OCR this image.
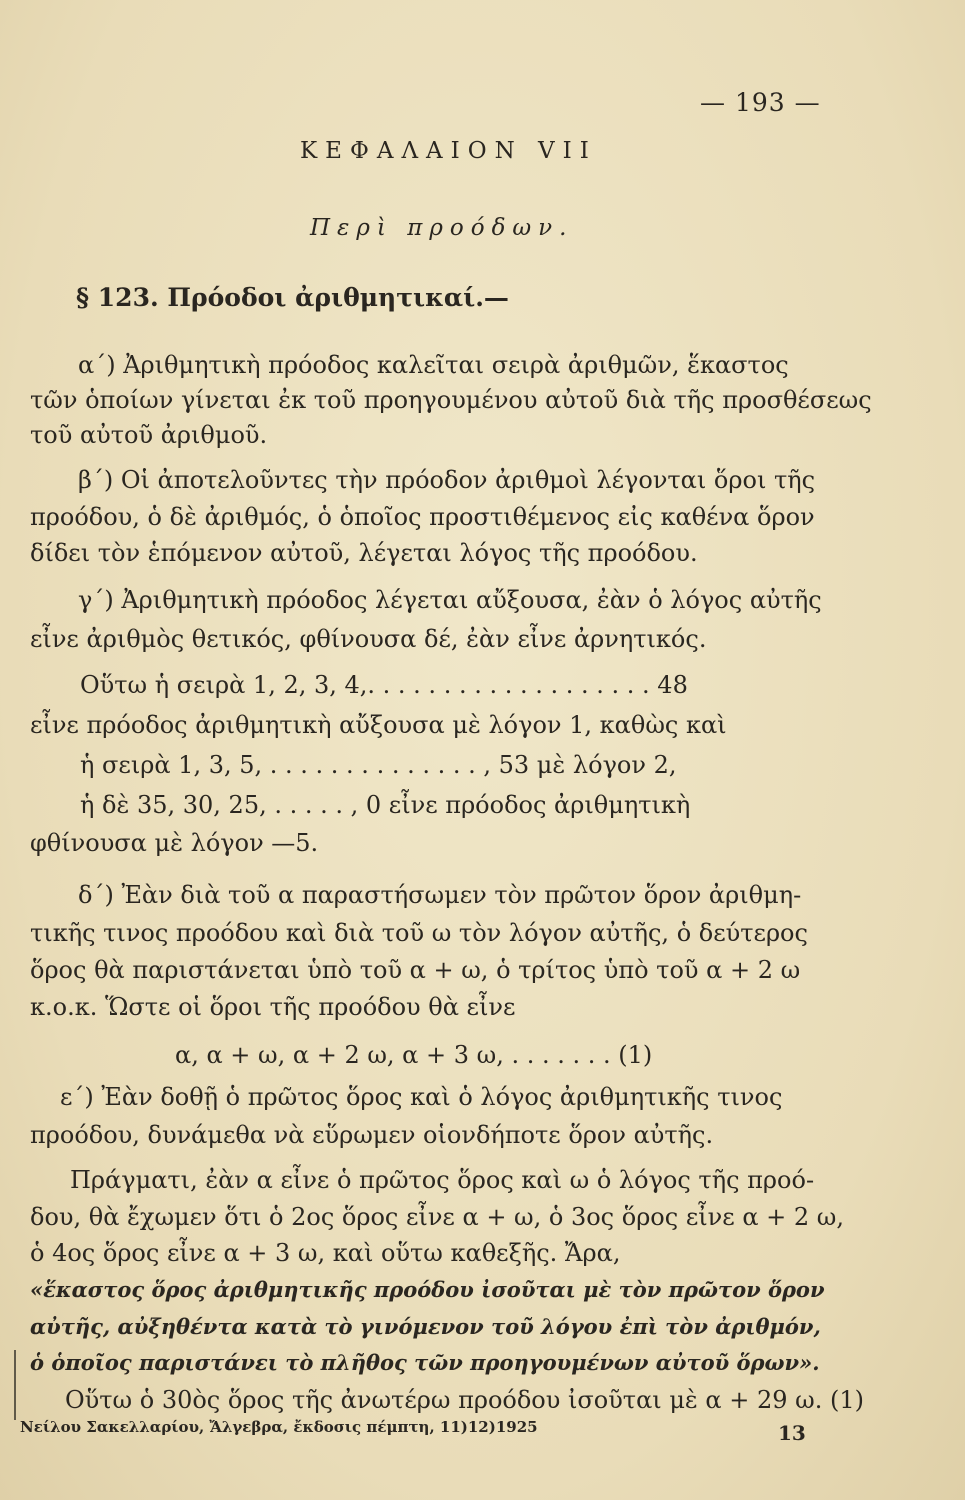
— 193 —
ΚΕΦΑΛΑΙΟΝ VII
Περὶ προόδων.
§ 123. Πρόοδοι ἀριθμητικαί.—
α΄) Ἀριθμητικὴ πρόοδος καλεῖται σειρὰ ἀριθμῶν, ἕκαστος
τῶν ὁποίων γίνεται ἐκ τοῦ προηγουμένου αὐτοῦ διὰ τῆς προσθέσεως
τοῦ αὐτοῦ ἀριθμοῦ.
β΄) Οἱ ἀποτελοῦντες τὴν πρόοδον ἀριθμοὶ λέγονται ὅροι τῆς
προόδου, ὁ δὲ ἀριθμός, ὁ ὁποῖος προστιθέμενος εἰς καθένα ὅρον
δίδει τὸν ἑπόμενον αὐτοῦ, λέγεται λόγος τῆς προόδου.
γ΄) Ἀριθμητικὴ πρόοδος λέγεται αὔξουσα, ἐὰν ὁ λόγος αὐτῆς
εἶνε ἀριθμὸς θετικός, φθίνουσα δέ, ἐὰν εἶνε ἀρνητικός.
Οὕτω ἡ σειρὰ 1, 2, 3, 4,. . . . . . . . . . . . . . . . . . . 48
εἶνε πρόοδος ἀριθμητικὴ αὔξουσα μὲ λόγον 1, καθὼς καὶ
ἡ σειρὰ 1, 3, 5, . . . . . . . . . . . . . . , 53 μὲ λόγον 2,
ἡ δὲ 35, 30, 25, . . . . . , 0 εἶνε πρόοδος ἀριθμητικὴ
φθίνουσα μὲ λόγον —5.
δ΄) Ἐὰν διὰ τοῦ α παραστήσωμεν τὸν πρῶτον ὅρον ἀριθμη-
τικῆς τινος προόδου καὶ διὰ τοῦ ω τὸν λόγον αὐτῆς, ὁ δεύτερος
ὅρος θὰ παριστάνεται ὑπὸ τοῦ α + ω, ὁ τρίτος ὑπὸ τοῦ α + 2 ω
κ.ο.κ. Ὥστε οἱ ὅροι τῆς προόδου θὰ εἶνε
α, α + ω, α + 2 ω, α + 3 ω, . . . . . . . (1)
ε΄) Ἐὰν δοθῇ ὁ πρῶτος ὅρος καὶ ὁ λόγος ἀριθμητικῆς τινος
προόδου, δυνάμεθα νὰ εὕρωμεν οἱονδήποτε ὅρον αὐτῆς.
Πράγματι, ἐὰν α εἶνε ὁ πρῶτος ὅρος καὶ ω ὁ λόγος τῆς προό-
δου, θὰ ἔχωμεν ὅτι ὁ 2ος ὅρος εἶνε α + ω, ὁ 3ος ὅρος εἶνε α + 2 ω,
ὁ 4ος ὅρος εἶνε α + 3 ω, καὶ οὕτω καθεξῆς. Ἄρα,
«ἕκαστος ὅρος ἀριθμητικῆς προόδου ἰσοῦται μὲ τὸν πρῶτον ὅρον
αὐτῆς, αὐξηθέντα κατὰ τὸ γινόμενον τοῦ λόγου ἐπὶ τὸν ἀριθμόν,
ὁ ὁποῖος παριστάνει τὸ πλῆθος τῶν προηγουμένων αὐτοῦ ὅρων».
Οὕτω ὁ 30ὸς ὅρος τῆς ἀνωτέρω προόδου ἰσοῦται μὲ α + 29 ω. (1)
Νείλου Σακελλαρίου, Ἄλγεβρα, ἔκδοσις πέμπτη, 11)12)1925	13
